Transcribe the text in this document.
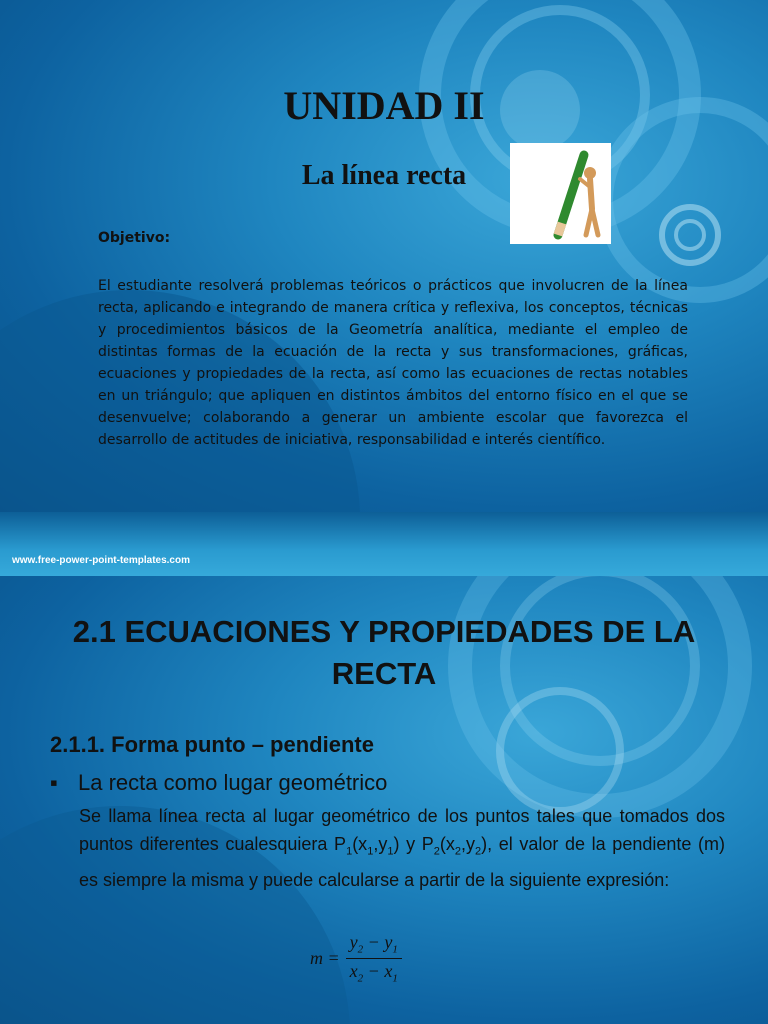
UNIDAD II
La línea recta
Objetivo:
El estudiante resolverá problemas teóricos o prácticos que involucren de la línea recta, aplicando e integrando de manera crítica y reflexiva, los conceptos, técnicas y procedimientos básicos de la Geometría analítica, mediante el empleo de distintas formas de la ecuación de la recta y sus transformaciones, gráficas, ecuaciones y propiedades de la recta, así como las ecuaciones de rectas notables en un triángulo; que apliquen en distintos ámbitos del entorno físico en el que se desenvuelve; colaborando a generar un ambiente escolar que favorezca el desarrollo de actitudes de iniciativa, responsabilidad e interés científico.
www.free-power-point-templates.com
2.1 ECUACIONES Y PROPIEDADES DE LA RECTA
2.1.1. Forma punto – pendiente
▪ La recta como lugar geométrico
Se llama línea recta al lugar geométrico de los puntos tales que tomados dos puntos diferentes cualesquiera $P_1(x_1,y_1)$ y $P_2(x_2,y_2)$, el valor de la pendiente (m) es siempre la misma y puede calcularse a partir de la siguiente expresión:
$m = \frac{y_2 - y_1}{x_2 - x_1}$
